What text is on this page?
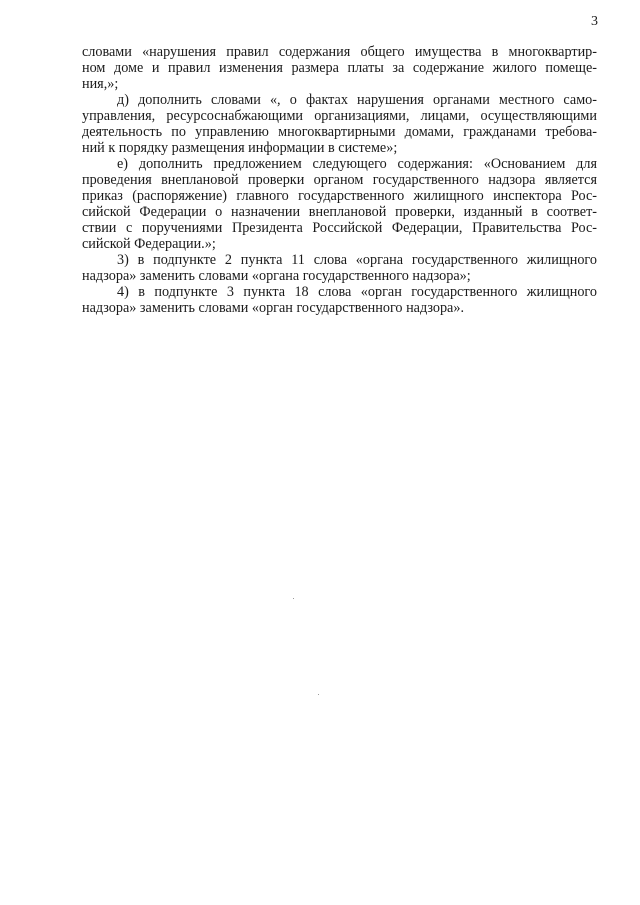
3
словами «нарушения правил содержания общего имущества в многоквартир-
ном доме и правил изменения размера платы за содержание жилого помеще-
ния,»;
д) дополнить словами «, о фактах нарушения органами местного само-
управления, ресурсоснабжающими организациями, лицами, осуществляющими
деятельность по управлению многоквартирными домами, гражданами требова-
ний к порядку размещения информации в системе»;
е) дополнить предложением следующего содержания: «Основанием для
проведения внеплановой проверки органом государственного надзора является
приказ (распоряжение) главного государственного жилищного инспектора Рос-
сийской Федерации о назначении внеплановой проверки, изданный в соответ-
ствии с поручениями Президента Российской Федерации, Правительства Рос-
сийской Федерации.»;
3) в подпункте 2 пункта 11 слова «органа государственного жилищного
надзора» заменить словами «органа государственного надзора»;
4) в подпункте 3 пункта 18 слова «орган государственного жилищного
надзора» заменить словами «орган государственного надзора».
